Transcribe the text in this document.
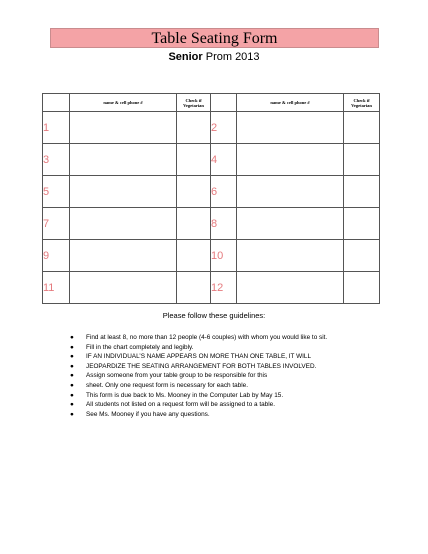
Table Seating Form
Senior Prom 2013
	name & cell phone #	Check if Vegetarian		name & cell phone #	Check if Vegetarian
1			2		
3			4		
5			6		
7			8		
9			10		
11			12		
Please follow these guidelines:
● Find at least 8, no more than 12 people (4-6 couples) with whom you would like to sit.
● Fill in the chart completely and legibly.
● IF AN INDIVIDUAL’S NAME APPEARS ON MORE THAN ONE TABLE, IT WILL
● JEOPARDIZE THE SEATING ARRANGEMENT FOR BOTH TABLES INVOLVED.
● Assign someone from your table group to be responsible for this
● sheet. Only one request form is necessary for each table.
● This form is due back to Ms. Mooney in the Computer Lab by May 15.
● All students not listed on a request form will be assigned to a table.
● See Ms. Mooney if you have any questions.
